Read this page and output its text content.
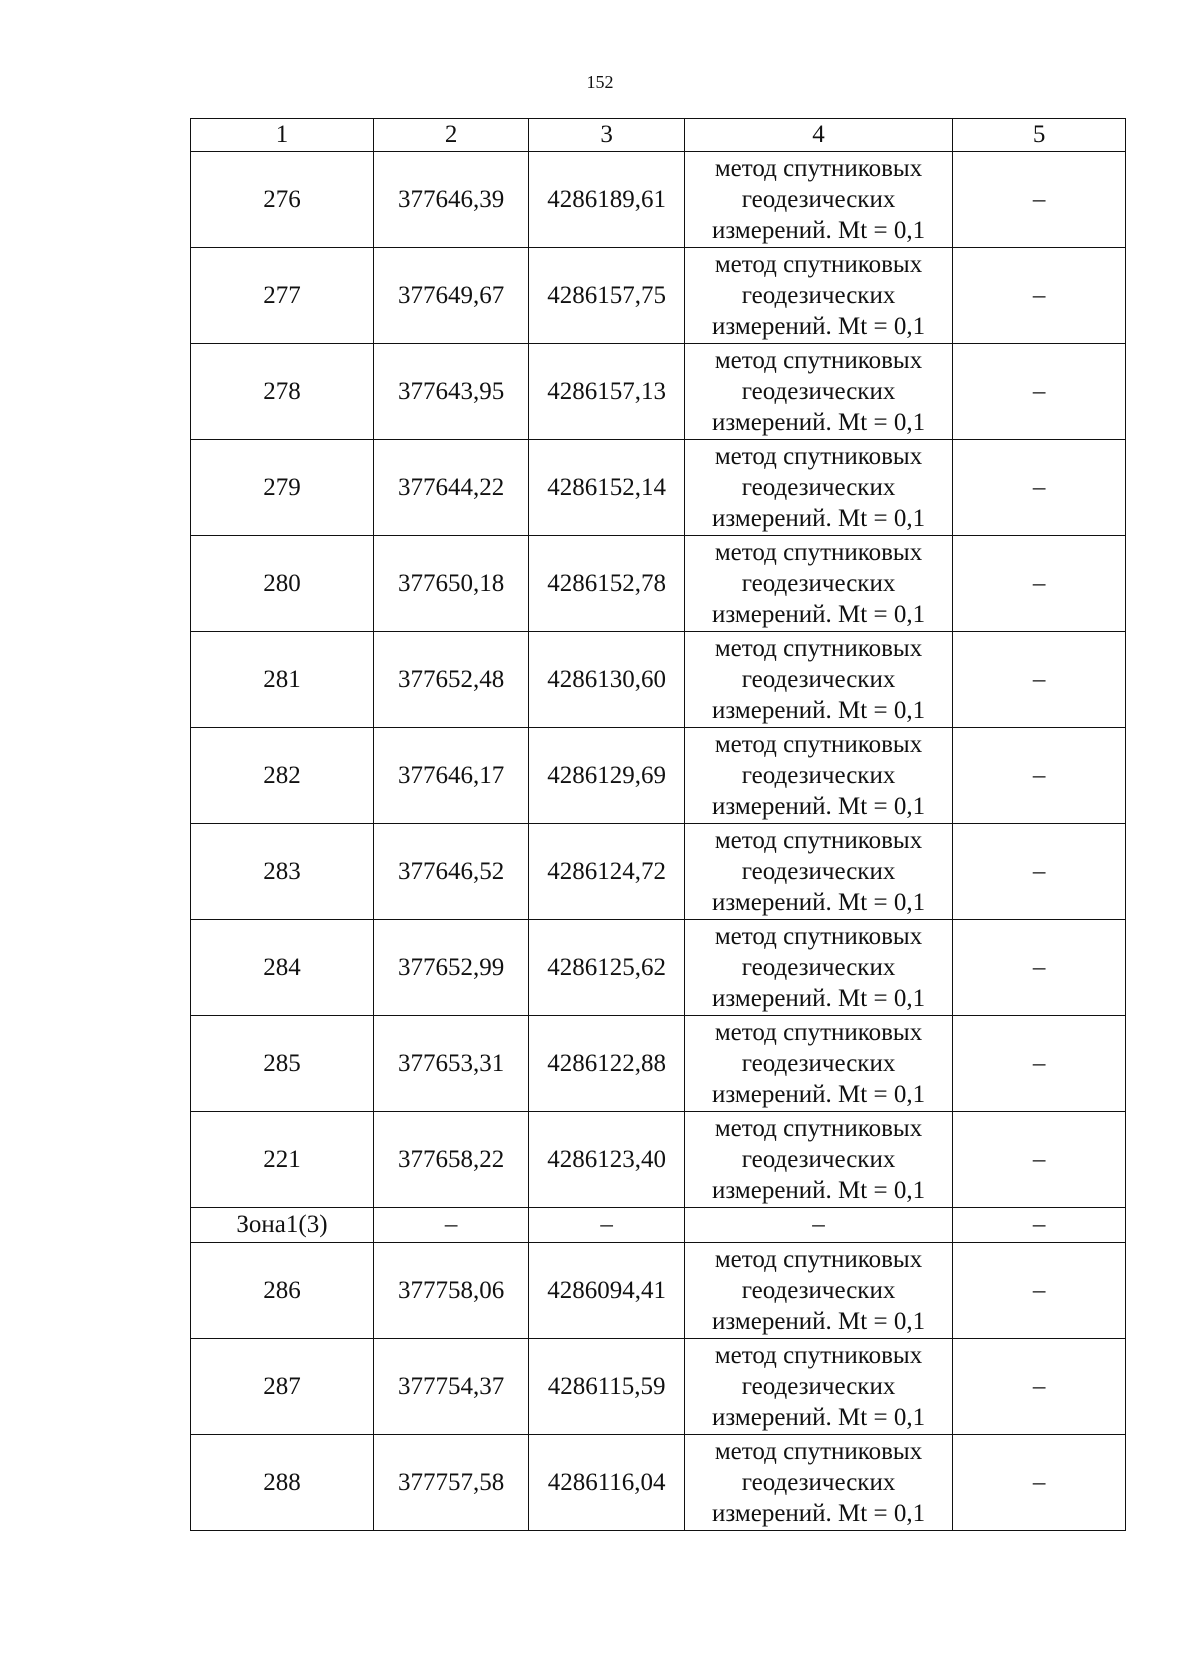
152
1	2	3	4	5
276	377646,39	4286189,61	метод спутниковых геодезических измерений. Mt = 0,1	–
277	377649,67	4286157,75	метод спутниковых геодезических измерений. Mt = 0,1	–
278	377643,95	4286157,13	метод спутниковых геодезических измерений. Mt = 0,1	–
279	377644,22	4286152,14	метод спутниковых геодезических измерений. Mt = 0,1	–
280	377650,18	4286152,78	метод спутниковых геодезических измерений. Mt = 0,1	–
281	377652,48	4286130,60	метод спутниковых геодезических измерений. Mt = 0,1	–
282	377646,17	4286129,69	метод спутниковых геодезических измерений. Mt = 0,1	–
283	377646,52	4286124,72	метод спутниковых геодезических измерений. Mt = 0,1	–
284	377652,99	4286125,62	метод спутниковых геодезических измерений. Mt = 0,1	–
285	377653,31	4286122,88	метод спутниковых геодезических измерений. Mt = 0,1	–
221	377658,22	4286123,40	метод спутниковых геодезических измерений. Mt = 0,1	–
Зона1(3)	–	–	–	–
286	377758,06	4286094,41	метод спутниковых геодезических измерений. Mt = 0,1	–
287	377754,37	4286115,59	метод спутниковых геодезических измерений. Mt = 0,1	–
288	377757,58	4286116,04	метод спутниковых геодезических измерений. Mt = 0,1	–
